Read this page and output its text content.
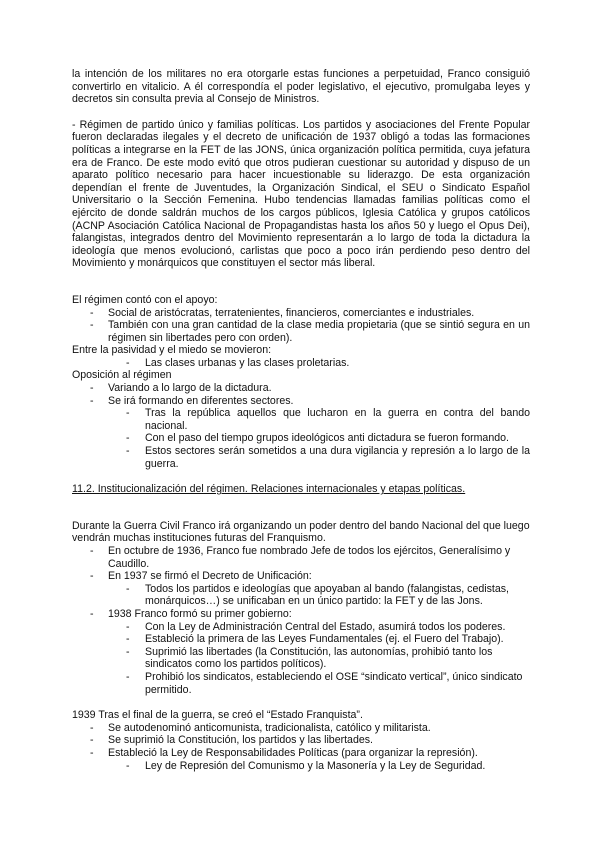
la intención de los militares no era otorgarle estas funciones a perpetuidad, Franco consiguió convertirlo en vitalicio. A él correspondía el poder legislativo, el ejecutivo, promulgaba leyes y decretos sin consulta previa al Consejo de Ministros.

- Régimen de partido único y familias políticas. Los partidos y asociaciones del Frente Popular fueron declaradas ilegales y el decreto de unificación de 1937 obligó a todas las formaciones políticas a integrarse en la FET de las JONS, única organización política permitida, cuya jefatura era de Franco. De este modo evitó que otros pudieran cuestionar su autoridad y dispuso de un aparato político necesario para hacer incuestionable su liderazgo. De esta organización dependían el frente de Juventudes, la Organización Sindical, el SEU o Sindicato Español Universitario o la Sección Femenina. Hubo tendencias llamadas familias políticas como el ejército de donde saldrán muchos de los cargos públicos, Iglesia Católica y grupos católicos (ACNP Asociación Católica Nacional de Propagandistas hasta los años 50 y luego el Opus Dei), falangistas, integrados dentro del Movimiento representarán a lo largo de toda la dictadura la ideología que menos evolucionó, carlistas que poco a poco irán perdiendo peso dentro del Movimiento y monárquicos que constituyen el sector más liberal.

El régimen contó con el apoyo:

- Social de aristócratas, terratenientes, financieros, comerciantes e industriales.
- También con una gran cantidad de la clase media propietaria (que se sintió segura en un régimen sin libertades pero con orden).

Entre la pasividad y el miedo se movieron:

- Las clases urbanas y las clases proletarias.

Oposición al régimen

- Variando a lo largo de la dictadura.
- Se irá formando en diferentes sectores.
- Tras la república aquellos que lucharon en la guerra en contra del bando nacional.
- Con el paso del tiempo grupos ideológicos anti dictadura se fueron formando.
- Estos sectores serán sometidos a una dura vigilancia y represión a lo largo de la guerra.

11.2. Institucionalización del régimen. Relaciones internacionales y etapas políticas.

Durante la Guerra Civil Franco irá organizando un poder dentro del bando Nacional del que luego vendrán muchas instituciones futuras del Franquismo.

- En octubre de 1936, Franco fue nombrado Jefe de todos los ejércitos, Generalísimo y Caudillo.
- En 1937 se firmó el Decreto de Unificación:
- Todos los partidos e ideologías que apoyaban al bando (falangistas, cedistas, monárquicos…) se unificaban en un único partido: la FET y de las Jons.
- 1938 Franco formó su primer gobierno:
- Con la Ley de Administración Central del Estado, asumirá todos los poderes.
- Estableció la primera de las Leyes Fundamentales (ej. el Fuero del Trabajo).
- Suprimió las libertades (la Constitución, las autonomías, prohibió tanto los sindicatos como los partidos políticos).
- Prohibió los sindicatos, estableciendo el OSE “sindicato vertical”, único sindicato permitido.

1939 Tras el final de la guerra, se creó el “Estado Franquista”.

- Se autodenominó anticomunista, tradicionalista, católico y militarista.
- Se suprimió la Constitución, los partidos y las libertades.
- Estableció la Ley de Responsabilidades Políticas (para organizar la represión).
- Ley de Represión del Comunismo y la Masonería y la Ley de Seguridad.
